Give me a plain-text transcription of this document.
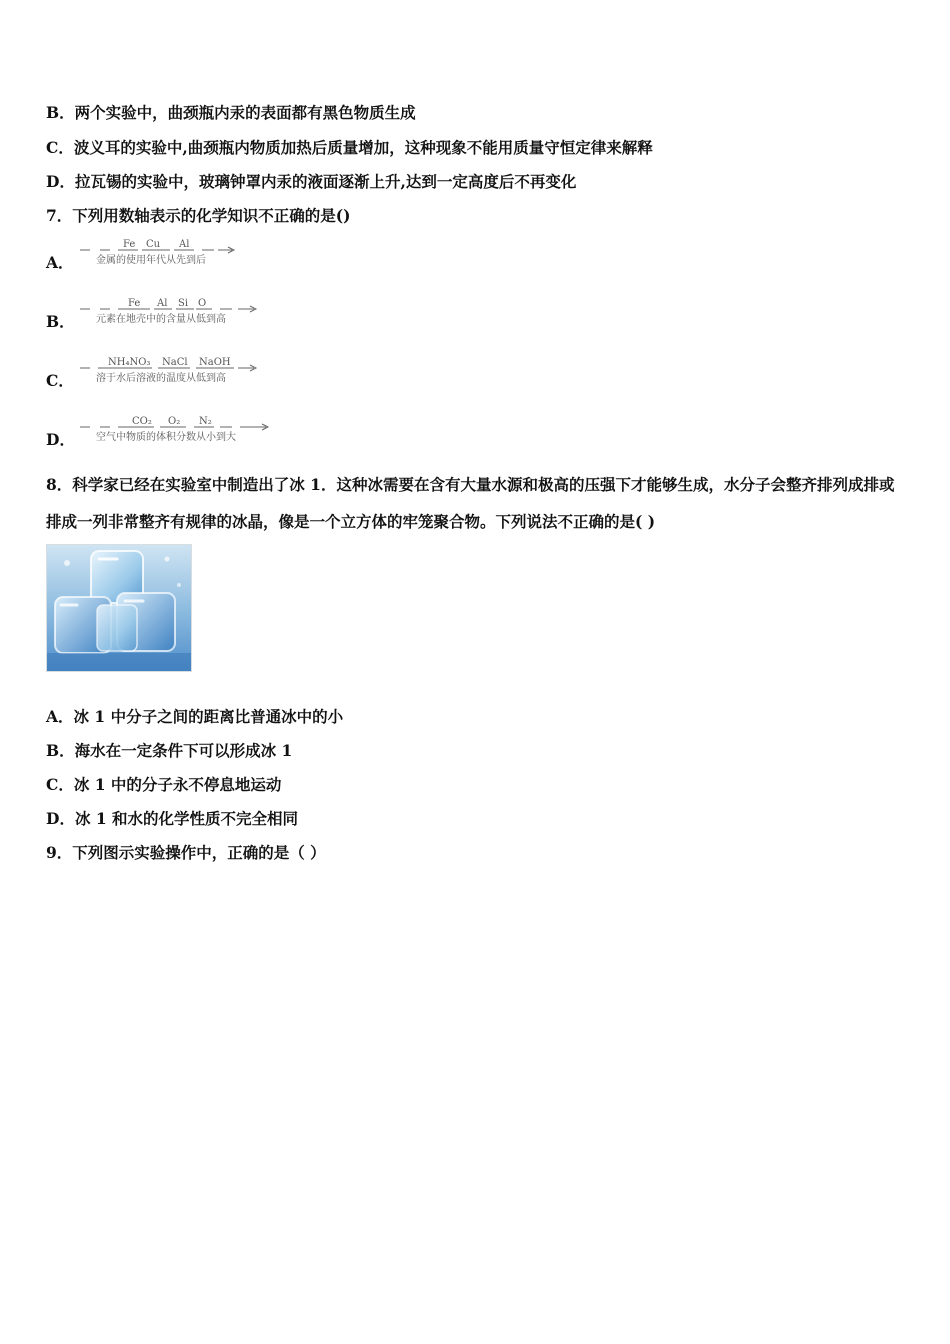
B．两个实验中，曲颈瓶内汞的表面都有黑色物质生成
C．波义耳的实验中,曲颈瓶内物质加热后质量增加，这种现象不能用质量守恒定律来解释
D．拉瓦锡的实验中，玻璃钟罩内汞的液面逐渐上升,达到一定高度后不再变化
7．下列用数轴表示的化学知识不正确的是()
A．
Fe Cu Al
金属的使用年代从先到后
B．
Fe Al Si O
元素在地壳中的含量从低到高
C．
NH₄NO₃ NaCl NaOH
溶于水后溶液的温度从低到高
D．
CO₂ O₂ N₂
空气中物质的体积分数从小到大
8．科学家已经在实验室中制造出了冰 1．这种冰需要在含有大量水源和极高的压强下才能够生成，水分子会整齐排列成排或排成一列非常整齐有规律的冰晶，像是一个立方体的牢笼聚合物。下列说法不正确的是( )
A．冰 1 中分子之间的距离比普通冰中的小
B．海水在一定条件下可以形成冰 1
C．冰 1 中的分子永不停息地运动
D．冰 1 和水的化学性质不完全相同
9．下列图示实验操作中，正确的是（ ）
